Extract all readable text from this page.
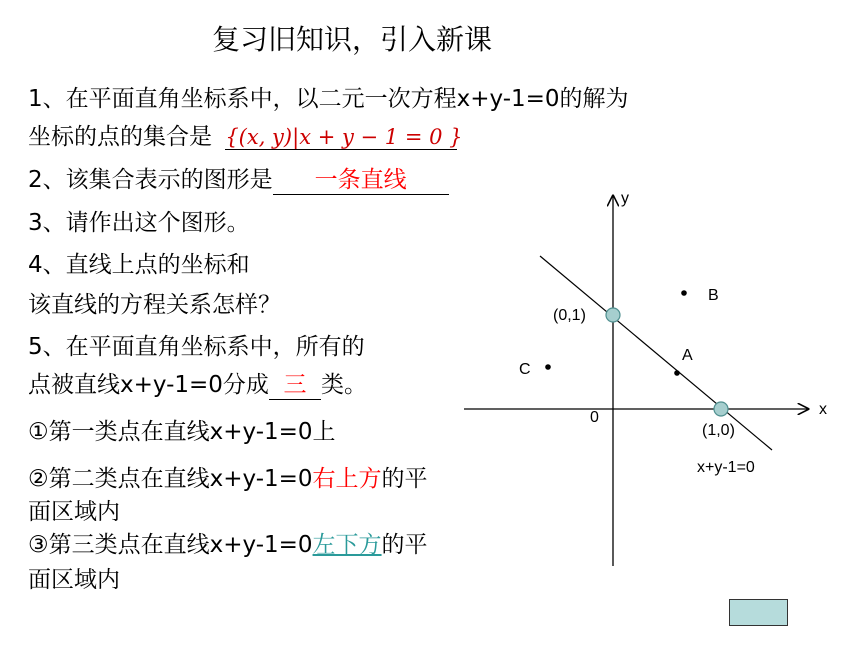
复习旧知识，引入新课
1、在平面直角坐标系中，以二元一次方程x+y-1=0的解为
坐标的点的集合是 {(x, y)|x + y − 1 = 0 }
2、该集合表示的图形是 一条直线
3、请作出这个图形。
4、直线上点的坐标和
该直线的方程关系怎样？
5、在平面直角坐标系中，所有的
点被直线x+y-1=0分成 三 类。
①第一类点在直线x+y-1=0上
②第二类点在直线x+y-1=0右上方的平
面区域内
③第三类点在直线x+y-1=0左下方的平
面区域内
x
y
0
(0,1)
(1,0)
B
A
C
x+y-1=0
